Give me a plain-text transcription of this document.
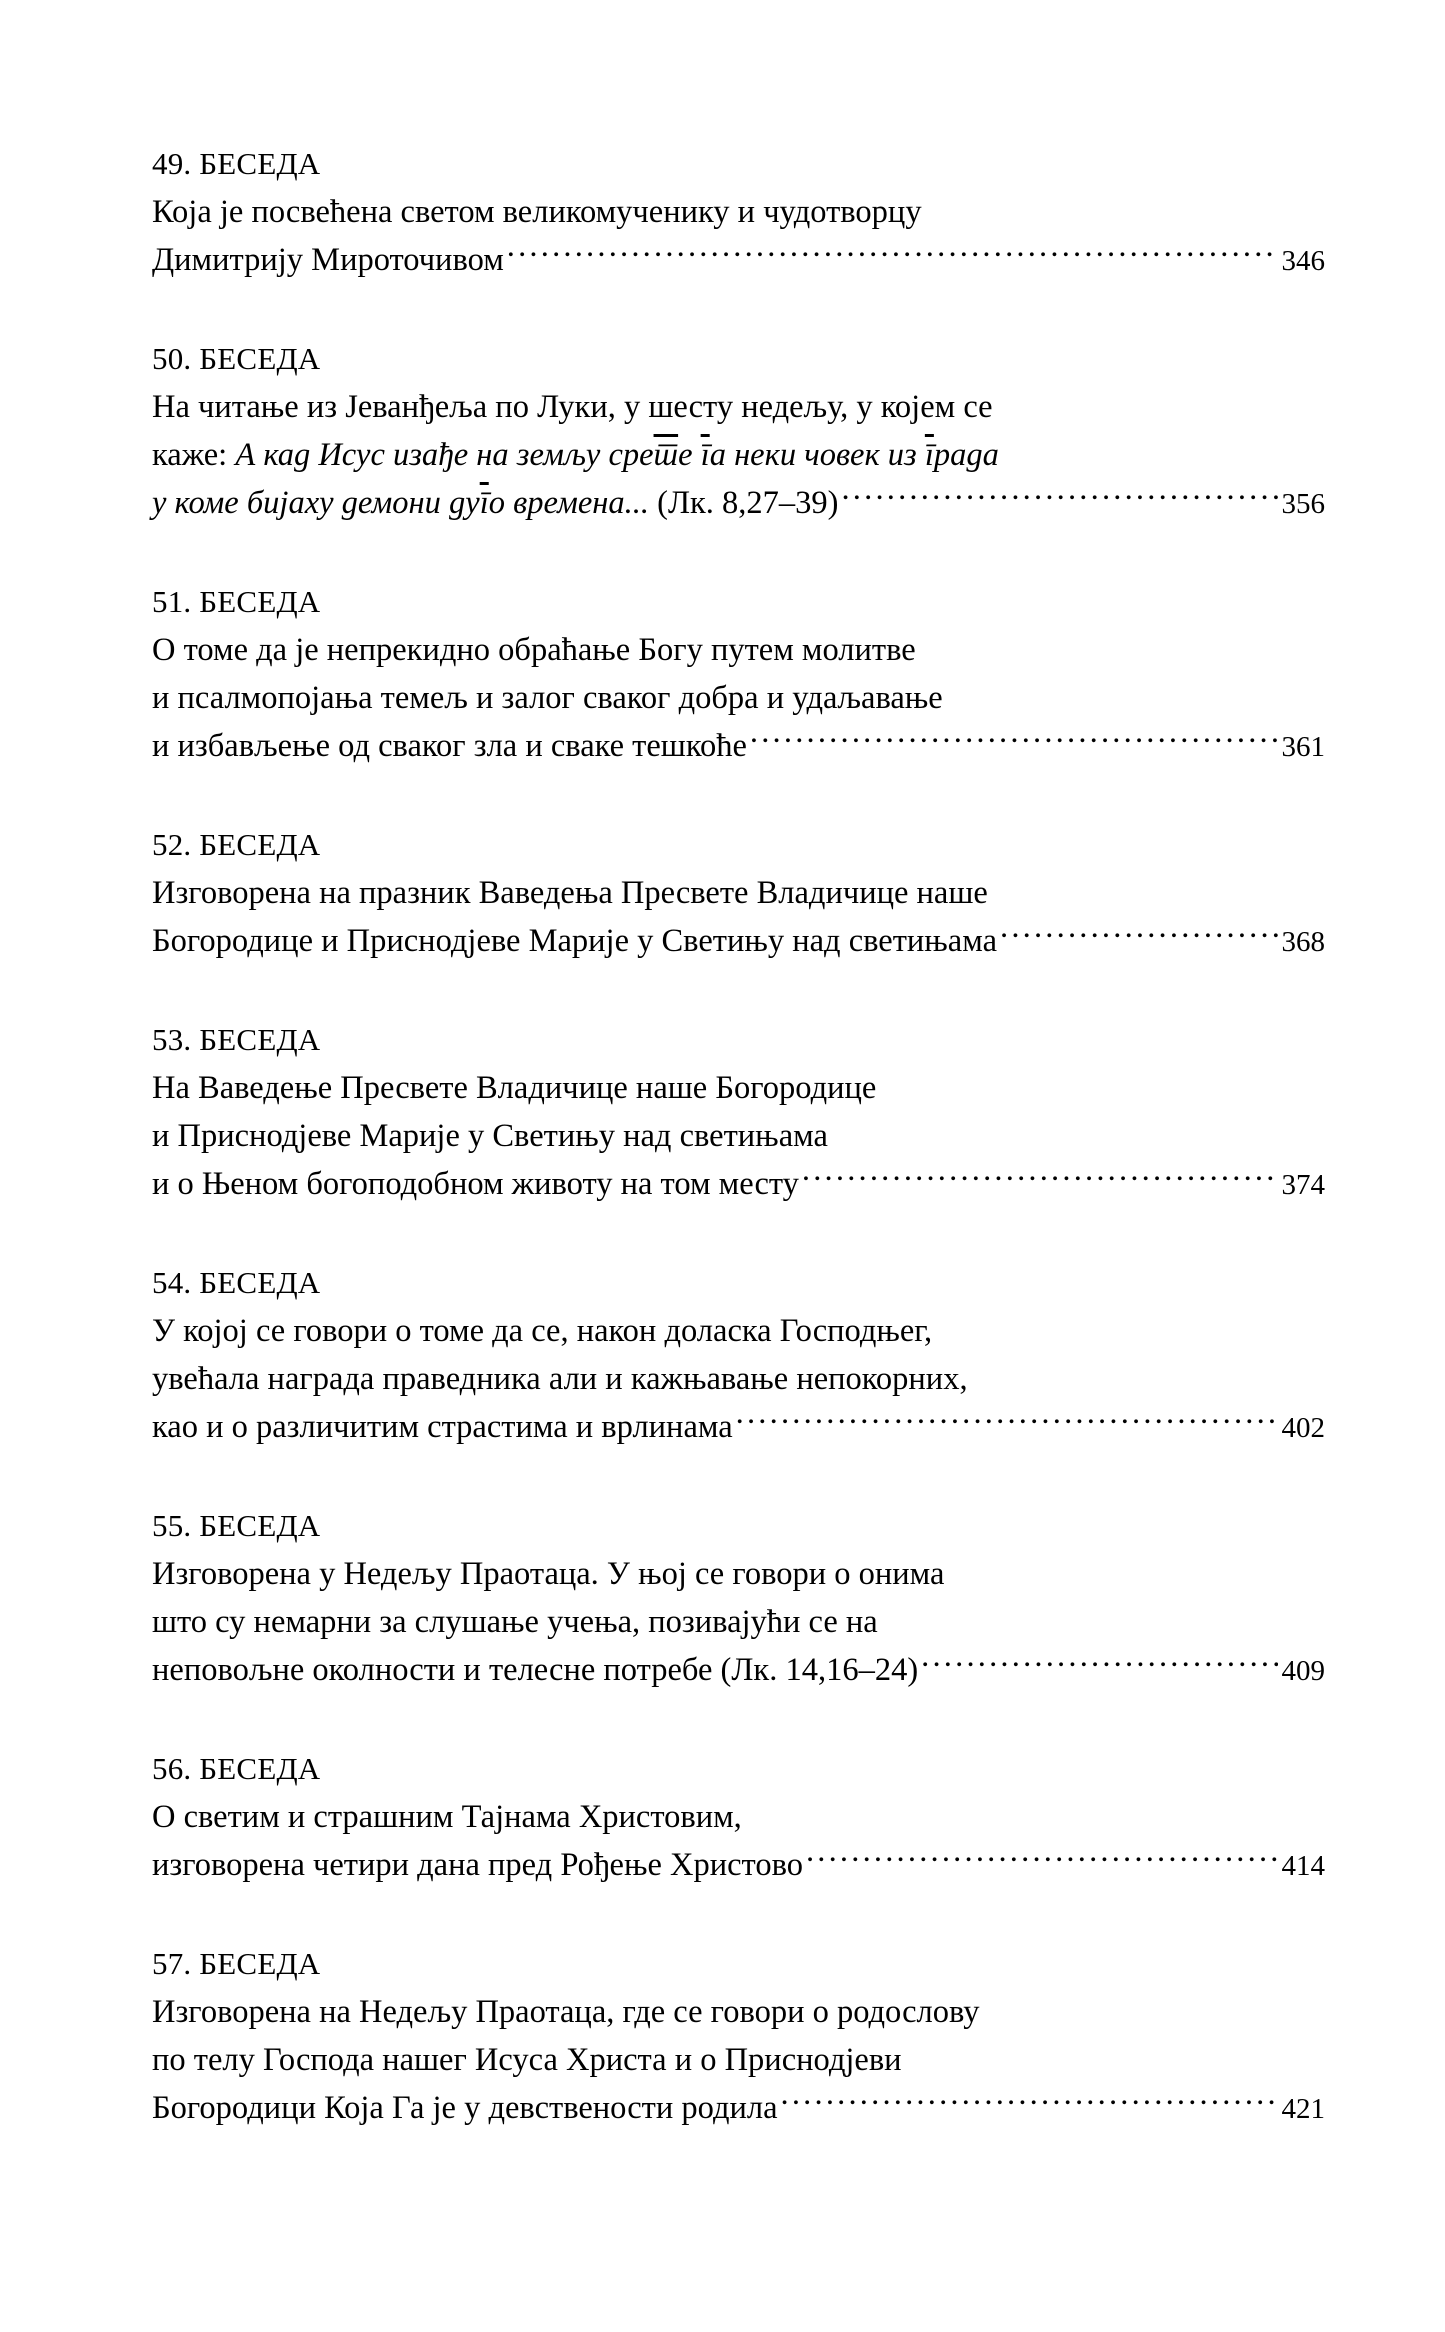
49. БЕСЕДА
Која је посвећена светом великомученику и чудотворцу
Димитрију Мироточивом .....	346
50. БЕСЕДА
На читање из Јеванђеља по Луки, у шесту недељу, у којем се
каже: А кад Исус изађе на земљу срете га неки човек из града
у коме бијаху демони дуго времена... (Лк. 8,27–39) .....	356
51. БЕСЕДА
О томе да је непрекидно обраћање Богу путем молитве
и псалмопојања темељ и залог сваког добра и удаљавање
и избављење од сваког зла и сваке тешкоће .....	361
52. БЕСЕДА
Изговорена на празник Ваведења Пресвете Владичице наше
Богородице и Приснодјеве Марије у Светињу над светињама .....	368
53. БЕСЕДА
На Ваведење Пресвете Владичице наше Богородице
и Приснодјеве Марије у Светињу над светињама
и о Њеном богоподобном животу на том месту .....	374
54. БЕСЕДА
У којој се говори о томе да се, након доласка Господњег,
увећала награда праведника али и кажњавање непокорних,
као и о различитим страстима и врлинама .....	402
55. БЕСЕДА
Изговорена у Недељу Праотаца. У њој се говори о онима
што су немарни за слушање учења, позивајући се на
неповољне околности и телесне потребе (Лк. 14,16–24) .....	409
56. БЕСЕДА
О светим и страшним Тајнама Христовим,
изговорена четири дана пред Рођење Христово .....	414
57. БЕСЕДА
Изговорена на Недељу Праотаца, где се говори о родослову
по телу Господа нашег Исуса Христа и о Приснодјеви
Богородици Која Га је у девствености родила .....	421
